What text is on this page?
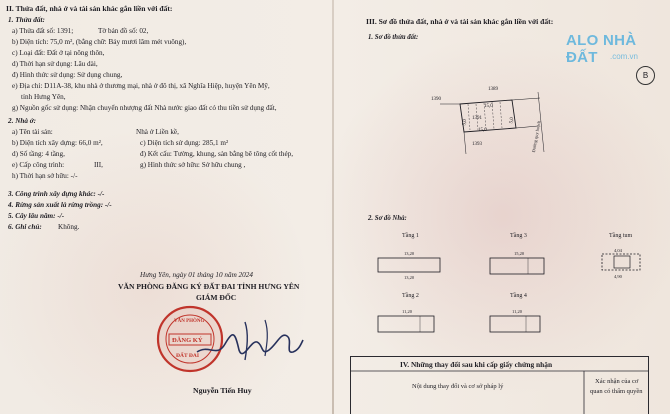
II. Thửa đất, nhà ở và tài sản khác gắn liền với đất:
1. Thửa đất:
a) Thửa đất số: 1391;	Tờ bản đồ số: 02,
b) Diện tích: 75,0 m², (bằng chữ: Bảy mươi lăm mét vuông),
c) Loại đất: Đất ở tại nông thôn,
d) Thời hạn sử dụng: Lâu dài,
đ) Hình thức sử dụng: Sử dụng chung,
e) Địa chỉ: D11A-38, khu nhà ở thương mại, nhà ở đô thị, xã Nghĩa Hiệp, huyện Yên Mỹ,
tỉnh Hưng Yên,
g) Nguồn gốc sử dụng: Nhận chuyển nhượng đất Nhà nước giao đất có thu tiền sử dụng đất,
2. Nhà ở:
a) Tên tài sản:	Nhà ở Liền kề,
b) Diện tích xây dựng: 66,0 m²,	c) Diện tích sử dụng: 285,1 m²
d) Số tầng: 4 tầng,	đ) Kết cấu: Tường, khung, sàn bằng bê tông cốt thép,
e) Cấp công trình:	III,	g) Hình thức sở hữu: Sở hữu chung ,
h) Thời hạn sở hữu: -/-
3. Công trình xây dựng khác: -/-
4. Rừng sản xuất là rừng trồng: -/-
5. Cây lâu năm: -/-
6. Ghi chú: Không.
Hưng Yên, ngày 01 tháng 10 năm 2024
VĂN PHÒNG ĐĂNG KÝ ĐẤT ĐAI TỈNH HƯNG YÊN
GIÁM ĐỐC
VĂN PHÒNG
ĐĂNG KÝ
ĐẤT ĐAI
Nguyễn Tiến Huy
III. Sơ đồ thửa đất, nhà ở và tài sản khác gắn liền với đất:
1. Sơ đồ thửa đất:	ALO NHÀ ĐẤT	.com.vn
B
1389
1390
1391
1393
15,0
5,0
15,0
5,0	Đường quy hoạch
2. Sơ đồ Nhà:
Tầng 1
13,20
13,20
Tầng 3
15,20
Tầng tum
4,04
4,90
Tầng 2
11,20
Tầng 4
11,20
IV. Những thay đổi sau khi cấp giấy chứng nhận
Nội dung thay đổi và cơ sở pháp lý
Xác nhận của cơ
quan có thẩm quyền
